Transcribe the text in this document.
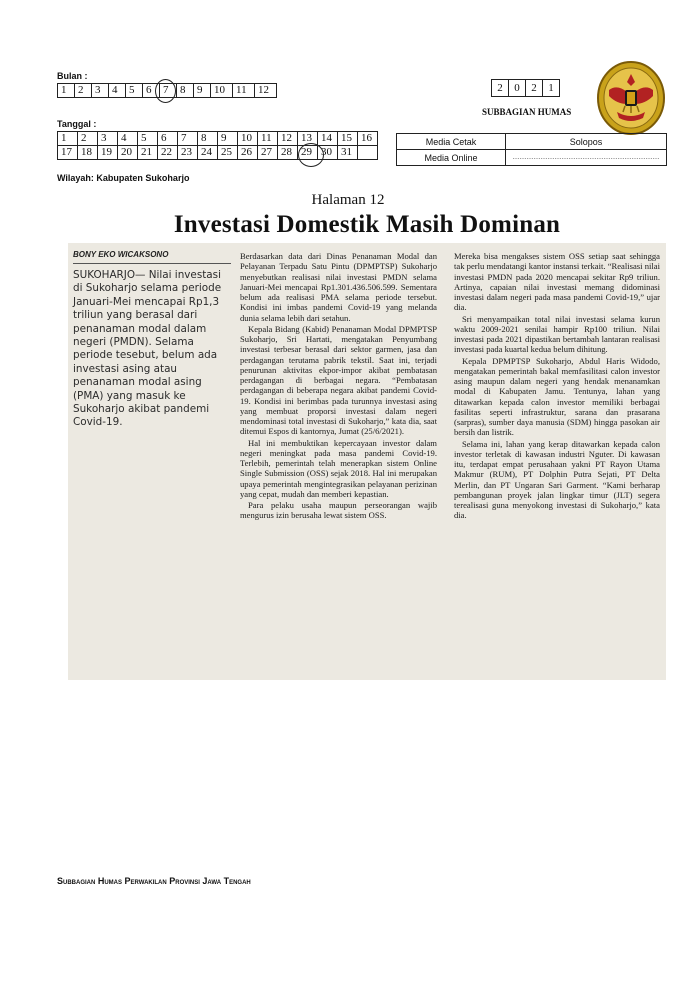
Bulan :
1	2	3	4	5	6	7	8	9	10	11	12
Tanggal :
1	2	3	4	5	6	7	8	9	10	11	12	13	14	15	16
17	18	19	20	21	22	23	24	25	26	27	28	29	30	31	
2	0	2	1
SUBBAGIAN HUMAS
Media Cetak	Solopos
Media Online	………………………………………………………
Wilayah: Kabupaten Sukoharjo
Halaman 12
Investasi Domestik Masih Dominan
BONY EKO WICAKSONO
SUKOHARJO— Nilai investasi di Sukoharjo selama periode Januari-Mei mencapai Rp1,3 triliun yang berasal dari penanaman modal dalam negeri (PMDN). Selama periode tesebut, belum ada investasi asing atau penanaman modal asing (PMA) yang masuk ke Sukoharjo akibat pandemi Covid-19.

Berdasarkan data dari Dinas Penanaman Modal dan Pelayanan Terpadu Satu Pintu (DPMPTSP) Sukoharjo menyebutkan realisasi nilai investasi PMDN selama Januari-Mei mencapai Rp1.301.436.506.599. Sementara belum ada realisasi PMA selama periode tersebut. Kondisi ini imbas pandemi Covid-19 yang melanda dunia selama lebih dari setahun.

Kepala Bidang (Kabid) Penanaman Modal DPMPTSP Sukoharjo, Sri Hartati, mengatakan Penyumbang investasi terbesar berasal dari sektor garmen, jasa dan perdagangan terutama pabrik tekstil. Saat ini, terjadi penurunan aktivitas ekpor-impor akibat pembatasan perdagangan di berbagai negara. “Pembatasan perdagangan di beberapa negara akibat pandemi Covid-19. Kondisi ini berimbas pada turunnya investasi asing yang membuat proporsi investasi dalam negeri mendominasi total investasi di Sukoharjo,” kata dia, saat ditemui Espos di kantornya, Jumat (25/6/2021).

Hal ini membuktikan kepercayaan investor dalam negeri meningkat pada masa pandemi Covid-19. Terlebih, pemerintah telah menerapkan sistem Online Single Submission (OSS) sejak 2018. Hal ini merupakan upaya pemerintah mengintegrasikan pelayanan perizinan yang cepat, mudah dan memberi kepastian.

Para pelaku usaha maupun perseorangan wajib mengurus izin berusaha lewat sistem OSS.

Mereka bisa mengakses sistem OSS setiap saat sehingga tak perlu mendatangi kantor instansi terkait. “Realisasi nilai investasi PMDN pada 2020 mencapai sekitar Rp9 triliun. Artinya, capaian nilai investasi memang didominasi investasi dalam negeri pada masa pandemi Covid-19,” ujar dia.

Sri menyampaikan total nilai investasi selama kurun waktu 2009-2021 senilai hampir Rp100 triliun. Nilai investasi pada 2021 dipastikan bertambah lantaran realisasi investasi pada kuartal kedua belum dihitung.

Kepala DPMPTSP Sukoharjo, Abdul Haris Widodo, mengatakan pemerintah bakal memfasilitasi calon investor asing maupun dalam negeri yang hendak menanamkan modal di Kabupaten Jamu. Tentunya, lahan yang ditawarkan kepada calon investor memiliki berbagai fasilitas seperti infrastruktur, sarana dan prasarana (sarpras), sumber daya manusia (SDM) hingga pasokan air bersih dan listrik.

Selama ini, lahan yang kerap ditawarkan kepada calon investor terletak di kawasan industri Nguter. Di kawasan itu, terdapat empat perusahaan yakni PT Rayon Utama Makmur (RUM), PT Dolphin Putra Sejati, PT Delta Merlin, dan PT Ungaran Sari Garment. “Kami berharap pembangunan proyek jalan lingkar timur (JLT) segera terealisasi guna menyokong investasi di Sukoharjo,” kata dia.

Subbagian Humas Perwakilan Provinsi Jawa Tengah
